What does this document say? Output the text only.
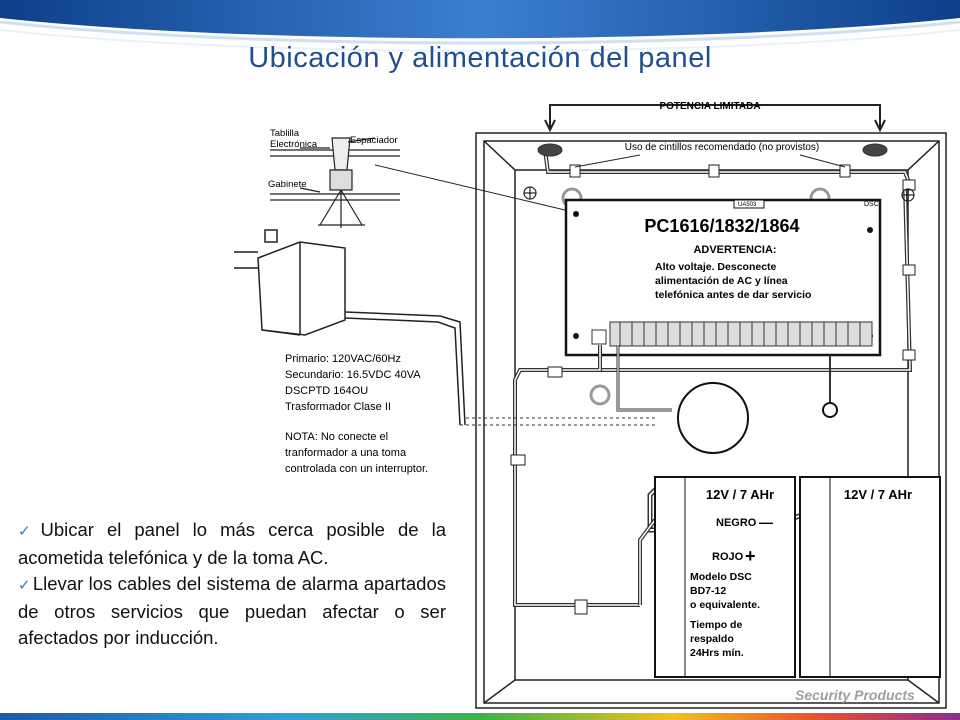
Ubicación y alimentación del panel
POTENCIA LIMITADA
Uso de cintillos recomendado (no provistos)
DSC
UA503
PC1616/1832/1864
ADVERTENCIA:
Alto voltaje. Desconecte
alimentación de AC y línea
telefónica antes de dar servicio
12V / 7 AHr	12V / 7 AHr
NEGRO —
ROJO +
Modelo DSC
BD7-12
o equivalente.
Tiempo de
respaldo
24Hrs mín.
Tablilla
Electrónica	Espaciador
Gabinete
Primario: 120VAC/60Hz
Secundario: 16.5VDC 40VA
DSCPTD 164OU
Trasformador Clase II
NOTA: No conecte el
tranformador a una toma
controlada con un interruptor.

✓ Ubicar el panel lo más cerca posible de la acometida telefónica y de la toma AC.

✓ Llevar los cables del sistema de alarma apartados de otros servicios que puedan afectar o ser afectados por inducción.

Security Products
